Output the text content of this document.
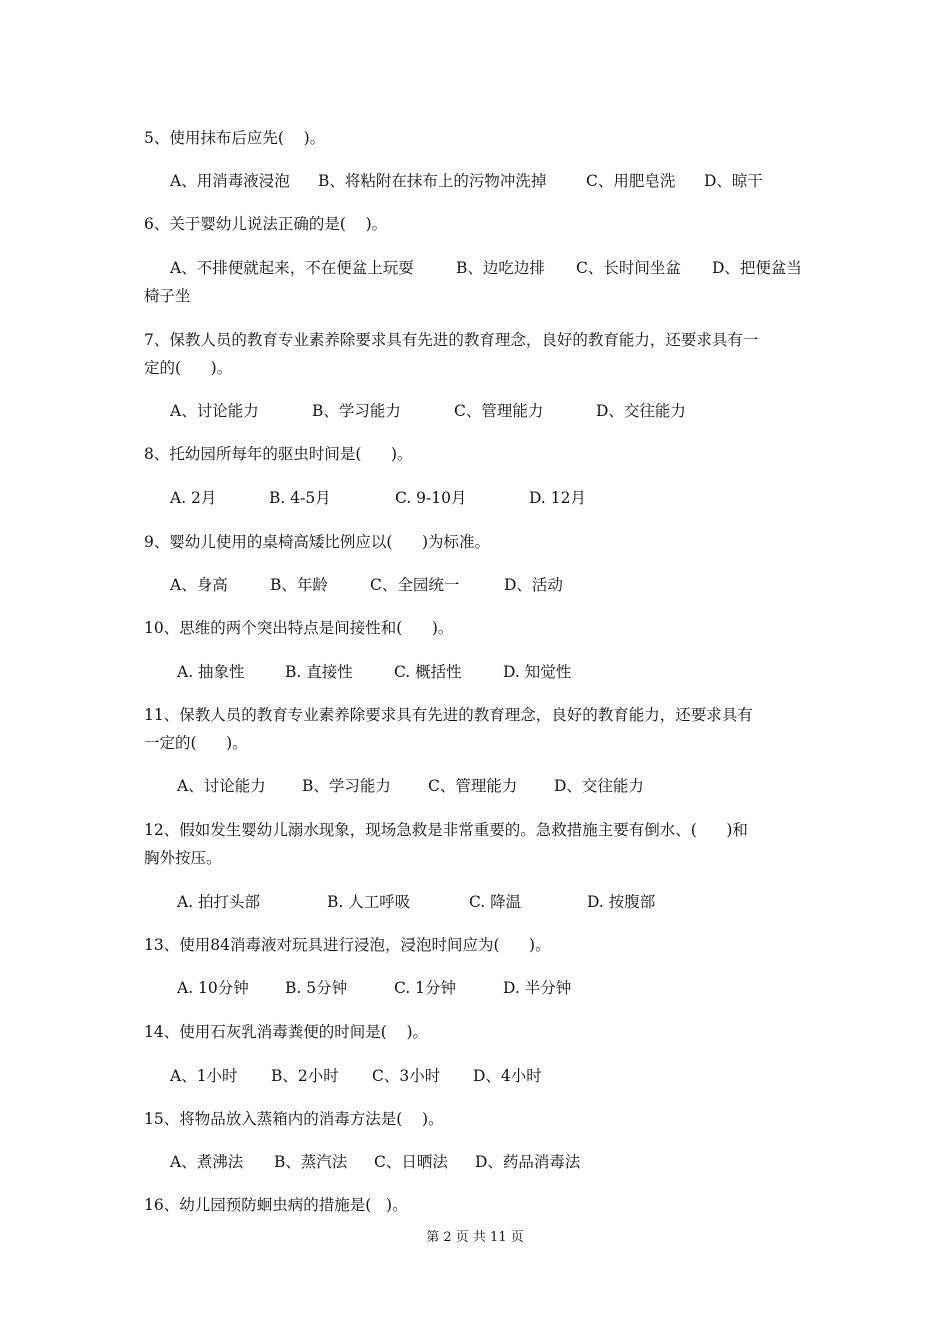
5、使用抹布后应先(    )。
A、用消毒液浸泡	B、将粘附在抹布上的污物冲洗掉	C、用肥皂洗	D、晾干
6、关于婴幼儿说法正确的是(    )。
A、不排便就起来，不在便盆上玩耍	B、边吃边排	C、长时间坐盆	D、把便盆当
椅子坐
7、保教人员的教育专业素养除要求具有先进的教育理念，良好的教育能力，还要求具有一
定的(      )。
A、讨论能力	B、学习能力	C、管理能力	D、交往能力
8、托幼园所每年的驱虫时间是(      )。
A. 2月	B. 4-5月	C. 9-10月	D. 12月
9、婴幼儿使用的桌椅高矮比例应以(      )为标准。
A、身高	B、年龄	C、全园统一	D、活动
10、思维的两个突出特点是间接性和(      )。
A. 抽象性	B. 直接性	C. 概括性	D. 知觉性
11、保教人员的教育专业素养除要求具有先进的教育理念，良好的教育能力，还要求具有
一定的(      )。
A、讨论能力	B、学习能力	C、管理能力	D、交往能力
12、假如发生婴幼儿溺水现象，现场急救是非常重要的。急救措施主要有倒水、(      )和
胸外按压。
A. 拍打头部	B. 人工呼吸	C. 降温	D. 按腹部
13、使用84消毒液对玩具进行浸泡，浸泡时间应为(      )。
A. 10分钟	B. 5分钟	C. 1分钟	D. 半分钟
14、使用石灰乳消毒粪便的时间是(    )。
A、1小时	B、2小时	C、3小时	D、4小时
15、将物品放入蒸箱内的消毒方法是(    )。
A、煮沸法	B、蒸汽法	C、日晒法	D、药品消毒法
16、幼儿园预防蛔虫病的措施是(   )。
第 2 页 共 11 页
